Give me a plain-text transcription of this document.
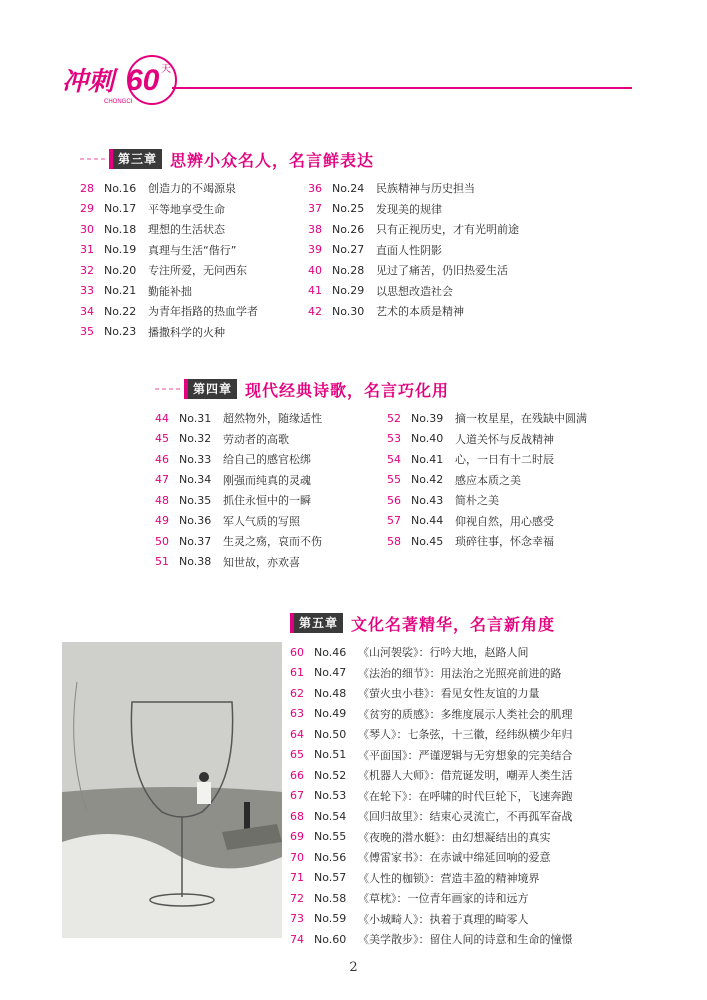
冲刺 60 天
CHONGCI
第三章 思辨小众名人，名言鲜表达
28 No.16	创造力的不竭源泉
29 No.17	平等地享受生命
30 No.18	理想的生活状态
31 No.19	真理与生活“偕行”
32 No.20	专注所爱，无问西东
33 No.21	勤能补拙
34 No.22	为青年指路的热血学者
35 No.23	播撒科学的火种
36 No.24	民族精神与历史担当
37 No.25	发现美的规律
38 No.26	只有正视历史，才有光明前途
39 No.27	直面人性阴影
40 No.28	见过了痛苦，仍旧热爱生活
41 No.29	以思想改造社会
42 No.30	艺术的本质是精神
第四章 现代经典诗歌，名言巧化用
44 No.31	超然物外，随缘适性
45 No.32	劳动者的高歌
46 No.33	给自己的感官松绑
47 No.34	刚强而纯真的灵魂
48 No.35	抓住永恒中的一瞬
49 No.36	军人气质的写照
50 No.37	生灵之殇，哀而不伤
51 No.38	知世故，亦欢喜
52 No.39	摘一枚星星，在残缺中圆满
53 No.40	人道关怀与反战精神
54 No.41	心，一日有十二时辰
55 No.42	感应本质之美
56 No.43	简朴之美
57 No.44	仰视自然，用心感受
58 No.45	琐碎往事，怀念幸福
第五章 文化名著精华，名言新角度
60 No.46	《山河袈裟》：行吟大地，赵路人间
61 No.47	《法治的细节》：用法治之光照亮前进的路
62 No.48	《萤火虫小巷》：看见女性友谊的力量
63 No.49	《贫穷的质感》：多维度展示人类社会的肌理
64 No.50	《琴人》：七条弦，十三徽，经纬纵横少年归
65 No.51	《平面国》：严谨逻辑与无穷想象的完美结合
66 No.52	《机器人大师》：借荒诞发明，嘲弄人类生活
67 No.53	《在轮下》：在呼啸的时代巨轮下，飞速奔跑
68 No.54	《回归故里》：结束心灵流亡，不再孤军奋战
69 No.55	《夜晚的潜水艇》：由幻想凝结出的真实
70 No.56	《傅雷家书》：在赤诚中绵延回响的爱意
71 No.57	《人性的枷锁》：营造丰盈的精神境界
72 No.58	《草枕》：一位青年画家的诗和远方
73 No.59	《小城畸人》：执着于真理的畸零人
74 No.60	《美学散步》：留住人间的诗意和生命的憧憬
2
